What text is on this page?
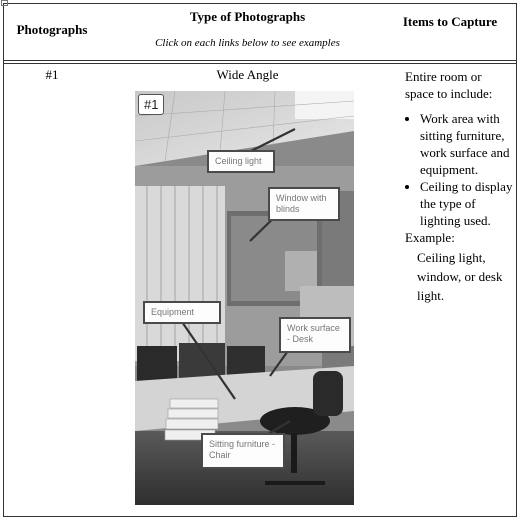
Photographs
Type of Photographs
Click on each links below to see examples
Items to Capture
#1	Wide Angle	Entire room or space to include:
• Work area with sitting furniture, work surface and equipment.
• Ceiling to display the type of lighting used.
Example:
Ceiling light, window, or desk light.
#1
Ceiling light
Window with blinds
Equipment
Work surface - Desk
Sitting furniture - Chair
